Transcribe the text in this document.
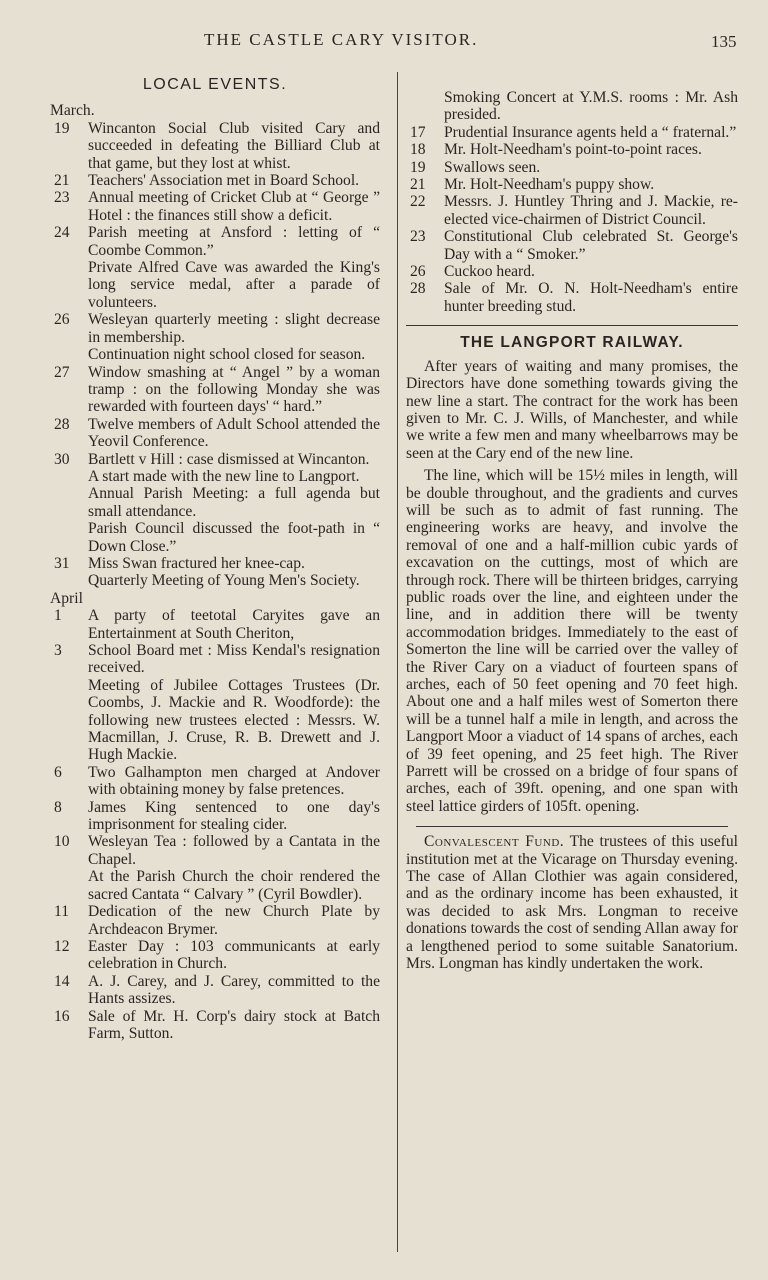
THE CASTLE CARY VISITOR.	135
LOCAL EVENTS.
March.
19	Wincanton Social Club visited Cary and succeeded in defeating the Billiard Club at that game, but they lost at whist.
21	Teachers' Association met in Board School.
23	Annual meeting of Cricket Club at “ George ” Hotel : the finances still show a deficit.
24	Parish meeting at Ansford : letting of “ Coombe Common.”
Private Alfred Cave was awarded the King's long service medal, after a parade of volunteers.
26	Wesleyan quarterly meeting : slight decrease in membership.
Continuation night school closed for season.
27	Window smashing at “ Angel ” by a woman tramp : on the following Monday she was rewarded with fourteen days' “ hard.”
28	Twelve members of Adult School attended the Yeovil Conference.
30	Bartlett v Hill : case dismissed at Wincanton.
A start made with the new line to Langport.
Annual Parish Meeting: a full agenda but small attendance.
Parish Council discussed the foot-path in “ Down Close.”
31	Miss Swan fractured her knee-cap.
Quarterly Meeting of Young Men's Society.
April
1	A party of teetotal Caryites gave an Entertainment at South Cheriton,
3	School Board met : Miss Kendal's resignation received.
Meeting of Jubilee Cottages Trustees (Dr. Coombs, J. Mackie and R. Woodforde): the following new trustees elected : Messrs. W. Macmillan, J. Cruse, R. B. Drewett and J. Hugh Mackie.
6	Two Galhampton men charged at Andover with obtaining money by false pretences.
8	James King sentenced to one day's imprisonment for stealing cider.
10	Wesleyan Tea : followed by a Cantata in the Chapel.
At the Parish Church the choir rendered the sacred Cantata “ Calvary ” (Cyril Bowdler).
11	Dedication of the new Church Plate by Archdeacon Brymer.
12	Easter Day : 103 communicants at early celebration in Church.
14	A. J. Carey, and J. Carey, committed to the Hants assizes.
16	Sale of Mr. H. Corp's dairy stock at Batch Farm, Sutton.
Smoking Concert at Y.M.S. rooms : Mr. Ash presided.
17	Prudential Insurance agents held a “ fraternal.”
18	Mr. Holt-Needham's point-to-point races.
19	Swallows seen.
21	Mr. Holt-Needham's puppy show.
22	Messrs. J. Huntley Thring and J. Mackie, re-elected vice-chairmen of District Council.
23	Constitutional Club celebrated St. George's Day with a “ Smoker.”
26	Cuckoo heard.
28	Sale of Mr. O. N. Holt-Needham's entire hunter breeding stud.
THE LANGPORT RAILWAY.

After years of waiting and many promises, the Directors have done something towards giving the new line a start. The contract for the work has been given to Mr. C. J. Wills, of Manchester, and while we write a few men and many wheelbarrows may be seen at the Cary end of the new line.

The line, which will be 15½ miles in length, will be double throughout, and the gradients and curves will be such as to admit of fast running. The engineering works are heavy, and involve the removal of one and a half-million cubic yards of excavation on the cuttings, most of which are through rock. There will be thirteen bridges, carrying public roads over the line, and eighteen under the line, and in addition there will be twenty accommodation bridges. Immediately to the east of Somerton the line will be carried over the valley of the River Cary on a viaduct of fourteen spans of arches, each of 50 feet opening and 70 feet high. About one and a half miles west of Somerton there will be a tunnel half a mile in length, and across the Langport Moor a viaduct of 14 spans of arches, each of 39 feet opening, and 25 feet high. The River Parrett will be crossed on a bridge of four spans of arches, each of 39ft. opening, and one span with steel lattice girders of 105ft. opening.

Convalescent Fund. The trustees of this useful institution met at the Vicarage on Thursday evening. The case of Allan Clothier was again considered, and as the ordinary income has been exhausted, it was decided to ask Mrs. Longman to receive donations towards the cost of sending Allan away for a lengthened period to some suitable Sanatorium. Mrs. Longman has kindly undertaken the work.
